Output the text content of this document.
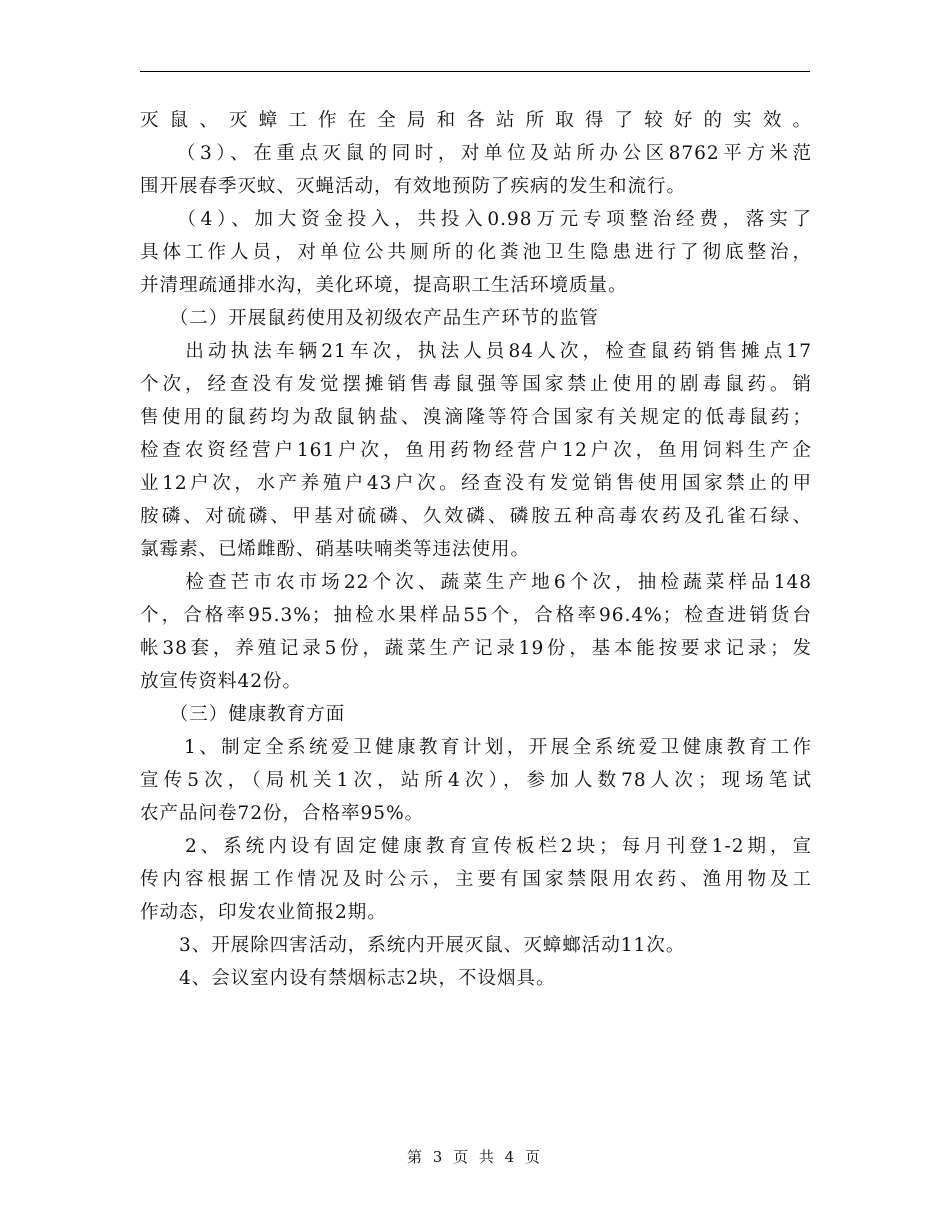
灭鼠、灭蟑工作在全局和各站所取得了较好的实效。
　　（3）、在重点灭鼠的同时，对单位及站所办公区8762平方米范
围开展春季灭蚊、灭蝇活动，有效地预防了疾病的发生和流行。
　　（4）、加大资金投入，共投入0.98万元专项整治经费，落实了
具体工作人员，对单位公共厕所的化粪池卫生隐患进行了彻底整治，
并清理疏通排水沟，美化环境，提高职工生活环境质量。
　　（二）开展鼠药使用及初级农产品生产环节的监管
　　出动执法车辆21车次，执法人员84人次，检查鼠药销售摊点17
个次，经查没有发觉摆摊销售毒鼠强等国家禁止使用的剧毒鼠药。销
售使用的鼠药均为敌鼠钠盐、溴滴隆等符合国家有关规定的低毒鼠药；
检查农资经营户161户次，鱼用药物经营户12户次，鱼用饲料生产企
业12户次，水产养殖户43户次。经查没有发觉销售使用国家禁止的甲
胺磷、对硫磷、甲基对硫磷、久效磷、磷胺五种高毒农药及孔雀石绿、
氯霉素、已烯雌酚、硝基呋喃类等违法使用。
　　检查芒市农市场22个次、蔬菜生产地6个次，抽检蔬菜样品148
个，合格率95.3%；抽检水果样品55个，合格率96.4%；检查进销货台
帐38套，养殖记录5份，蔬菜生产记录19份，基本能按要求记录；发
放宣传资料42份。
　　（三）健康教育方面
　　1、制定全系统爱卫健康教育计划，开展全系统爱卫健康教育工作
宣传5次，（局机关1次，站所4次），参加人数78人次；现场笔试
农产品问卷72份，合格率95%。
　　2、系统内设有固定健康教育宣传板栏2块；每月刊登1-2期，宣
传内容根据工作情况及时公示，主要有国家禁限用农药、渔用物及工
作动态，印发农业简报2期。
　　3、开展除四害活动，系统内开展灭鼠、灭蟑螂活动11次。
　　4、会议室内设有禁烟标志2块，不设烟具。
第 3 页 共 4 页
